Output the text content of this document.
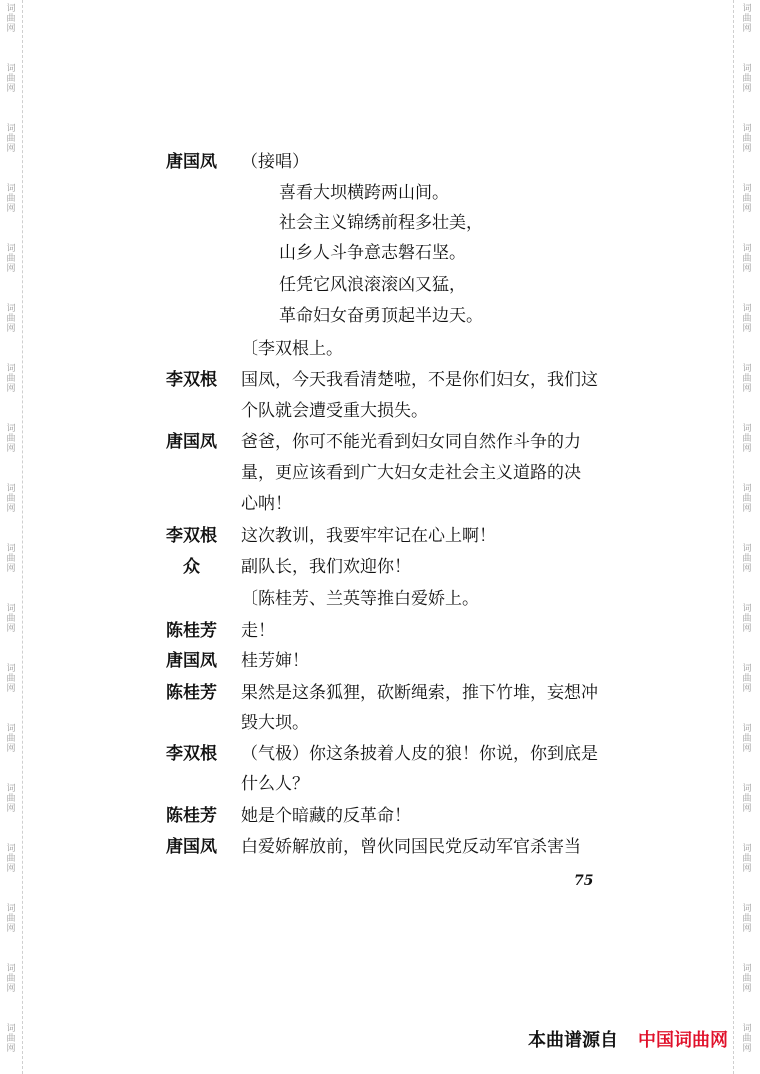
词
曲
网
词
曲
网
词
曲
网
词
曲
网
词
曲
网
词
曲
网
词
曲
网
词
曲
网
词
曲
网
词
曲
网
词
曲
网
词
曲
网
词
曲
网
词
曲
网
词
曲
网
词
曲
网
词
曲
网
词
曲
网
词
曲
网
词
曲
网
词
曲
网
词
曲
网
词
曲
网
词
曲
网
词
曲
网
词
曲
网
词
曲
网
词
曲
网
词
曲
网
词
曲
网
词
曲
网
词
曲
网
词
曲
网
词
曲
网
词
曲
网
词
曲
网
唐国凤 （接唱）
喜看大坝横跨两山间。
社会主义锦绣前程多壮美，
山乡人斗争意志磐石坚。
任凭它风浪滚滚凶又猛，
革命妇女奋勇顶起半边天。
〔李双根上。
李双根 国凤，今天我看清楚啦，不是你们妇女，我们这
个队就会遭受重大损失。
唐国凤 爸爸，你可不能光看到妇女同自然作斗争的力
量，更应该看到广大妇女走社会主义道路的决
心呐！
李双根 这次教训，我要牢牢记在心上啊！
众 副队长，我们欢迎你！
〔陈桂芳、兰英等推白爱娇上。
陈桂芳 走！
唐国凤 桂芳婶！
陈桂芳 果然是这条狐狸，砍断绳索，推下竹堆，妄想冲
毁大坝。
李双根 （气极）你这条披着人皮的狼！你说，你到底是
什么人？
陈桂芳 她是个暗藏的反革命！
唐国凤 白爱娇解放前，曾伙同国民党反动军官杀害当
75
本曲谱源自 中国词曲网
